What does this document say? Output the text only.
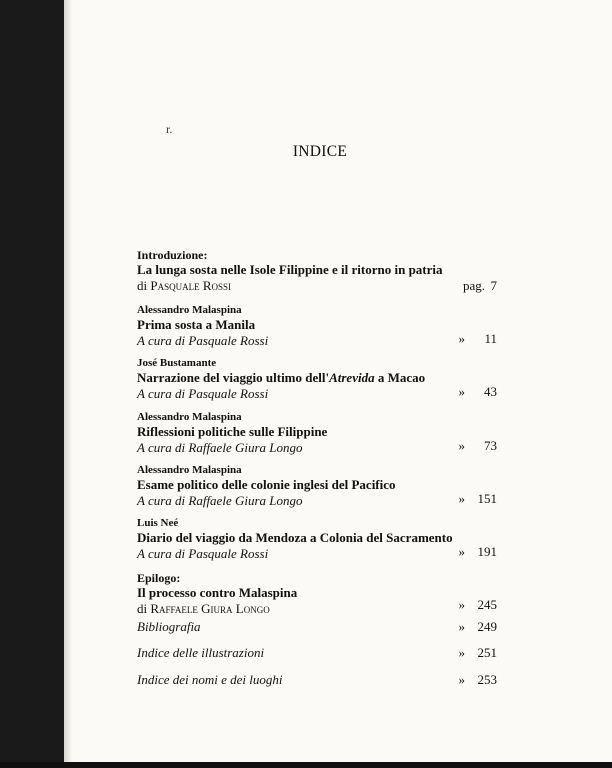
r.
INDICE
Introduzione:
La lunga sosta nelle Isole Filippine e il ritorno in patria
di Pasquale Rossi	pag. 7
Alessandro Malaspina
Prima sosta a Manila
A cura di Pasquale Rossi	» 11
José Bustamante
Narrazione del viaggio ultimo dell'Atrevida a Macao
A cura di Pasquale Rossi	» 43
Alessandro Malaspina
Riflessioni politiche sulle Filippine
A cura di Raffaele Giura Longo	» 73
Alessandro Malaspina
Esame politico delle colonie inglesi del Pacifico
A cura di Raffaele Giura Longo	» 151
Luis Neé
Diario del viaggio da Mendoza a Colonia del Sacramento
A cura di Pasquale Rossi	» 191
Epilogo:
Il processo contro Malaspina
di Raffaele Giura Longo	» 245
Bibliografia	» 249
Indice delle illustrazioni	» 251
Indice dei nomi e dei luoghi	» 253
